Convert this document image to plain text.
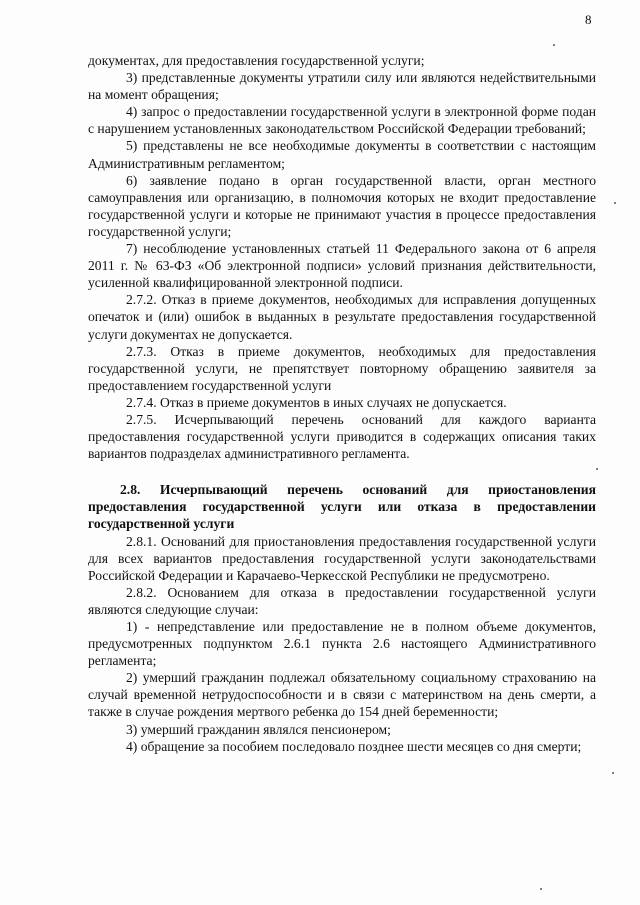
8

документах, для предоставления государственной услуги;

3) представленные документы утратили силу или являются недействительными на момент обращения;

4) запрос о предоставлении государственной услуги в электронной форме подан с нарушением установленных законодательством Российской Федерации требований;

5) представлены не все необходимые документы в соответствии с настоящим Административным регламентом;

6) заявление подано в орган государственной власти, орган местного самоуправления или организацию, в полномочия которых не входит предоставление государственной услуги и которые не принимают участия в процессе предоставления государственной услуги;

7) несоблюдение установленных статьей 11 Федерального закона от 6 апреля 2011 г. № 63-ФЗ «Об электронной подписи» условий признания действительности, усиленной квалифицированной электронной подписи.

2.7.2. Отказ в приеме документов, необходимых для исправления допущенных опечаток и (или) ошибок в выданных в результате предоставления государственной услуги документах не допускается.

2.7.3. Отказ в приеме документов, необходимых для предоставления государственной услуги, не препятствует повторному обращению заявителя за предоставлением государственной услуги

2.7.4. Отказ в приеме документов в иных случаях не допускается.

2.7.5. Исчерпывающий перечень оснований для каждого варианта предоставления государственной услуги приводится в содержащих описания таких вариантов подразделах административного регламента.

2.8. Исчерпывающий перечень оснований для приостановления предоставления государственной услуги или отказа в предоставлении государственной услуги

2.8.1. Оснований для приостановления предоставления государственной услуги для всех вариантов предоставления государственной услуги законодательствами Российской Федерации и Карачаево-Черкесской Республики не предусмотрено.

2.8.2. Основанием для отказа в предоставлении государственной услуги являются следующие случаи:

1) - непредставление или предоставление не в полном объеме документов, предусмотренных подпунктом 2.6.1 пункта 2.6 настоящего Административного регламента;

2) умерший гражданин подлежал обязательному социальному страхованию на случай временной нетрудоспособности и в связи с материнством на день смерти, а также в случае рождения мертвого ребенка до 154 дней беременности;

3) умерший гражданин являлся пенсионером;

4) обращение за пособием последовало позднее шести месяцев со дня смерти;
